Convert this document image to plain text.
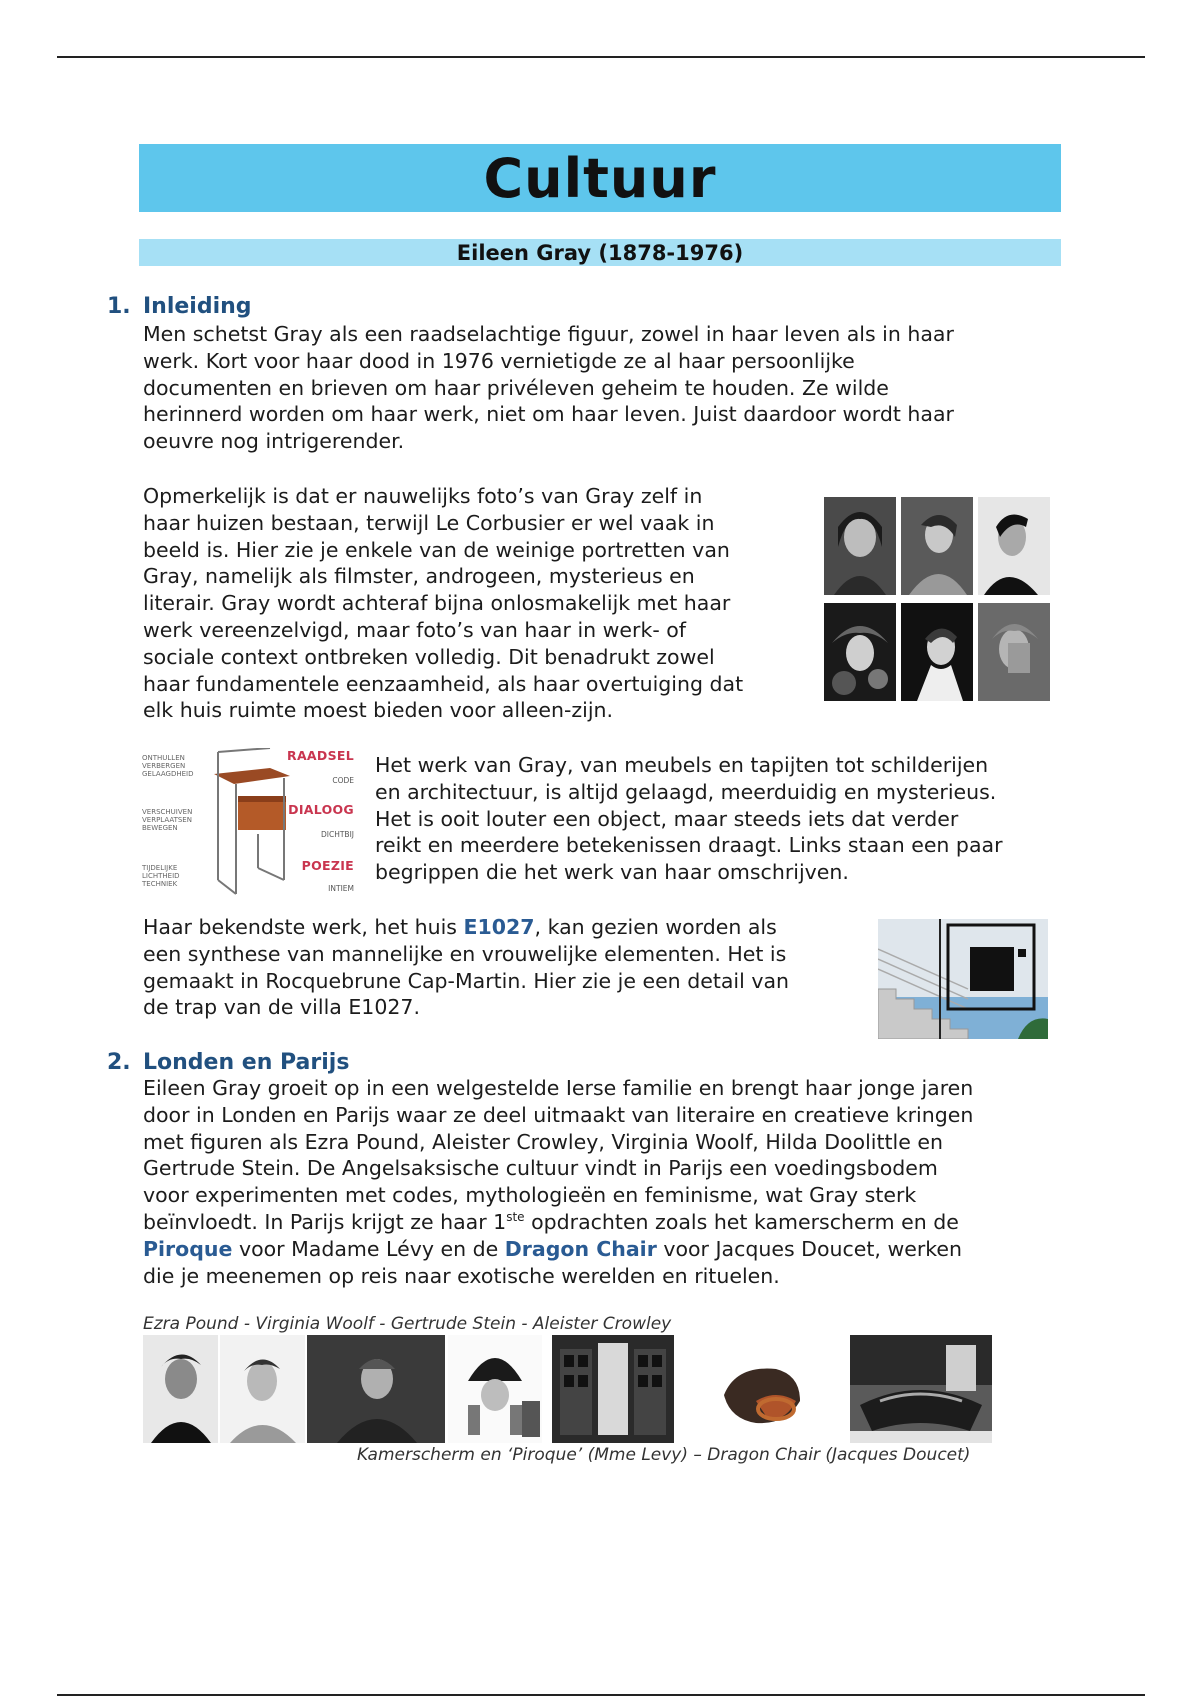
Cultuur
Eileen Gray (1878-1976)
1. Inleiding
Men schetst Gray als een raadselachtige figuur, zowel in haar leven als in haar
werk. Kort voor haar dood in 1976 vernietigde ze al haar persoonlijke
documenten en brieven om haar privéleven geheim te houden. Ze wilde
herinnerd worden om haar werk, niet om haar leven. Juist daardoor wordt haar
oeuvre nog intrigerender.
Opmerkelijk is dat er nauwelijks foto’s van Gray zelf in
haar huizen bestaan, terwijl Le Corbusier er wel vaak in
beeld is. Hier zie je enkele van de weinige portretten van
Gray, namelijk als filmster, androgeen, mysterieus en
literair. Gray wordt achteraf bijna onlosmakelijk met haar
werk vereenzelvigd, maar foto’s van haar in werk- of
sociale context ontbreken volledig. Dit benadrukt zowel
haar fundamentele eenzaamheid, als haar overtuiging dat
elk huis ruimte moest bieden voor alleen-zijn.
ONTHULLEN
VERBERGEN
GELAAGDHEID
VERSCHUIVEN
VERPLAATSEN
BEWEGEN
TIJDELIJKE
LICHTHEID
TECHNIEK
RAADSEL
CODE
DIALOOG
DICHTBIJ
POEZIE
INTIEM
Het werk van Gray, van meubels en tapijten tot schilderijen
en architectuur, is altijd gelaagd, meerduidig en mysterieus.
Het is ooit louter een object, maar steeds iets dat verder
reikt en meerdere betekenissen draagt. Links staan een paar
begrippen die het werk van haar omschrijven.
Haar bekendste werk, het huis E1027, kan gezien worden als
een synthese van mannelijke en vrouwelijke elementen. Het is
gemaakt in Rocquebrune Cap-Martin. Hier zie je een detail van
de trap van de villa E1027.
2. Londen en Parijs
Eileen Gray groeit op in een welgestelde Ierse familie en brengt haar jonge jaren
door in Londen en Parijs waar ze deel uitmaakt van literaire en creatieve kringen
met figuren als Ezra Pound, Aleister Crowley, Virginia Woolf, Hilda Doolittle en
Gertrude Stein. De Angelsaksische cultuur vindt in Parijs een voedingsbodem
voor experimenten met codes, mythologieën en feminisme, wat Gray sterk
beïnvloedt. In Parijs krijgt ze haar 1ste opdrachten zoals het kamerscherm en de
Piroque voor Madame Lévy en de Dragon Chair voor Jacques Doucet, werken
die je meenemen op reis naar exotische werelden en rituelen.
Ezra Pound - Virginia Woolf - Gertrude Stein - Aleister Crowley
Kamerscherm en ‘Piroque’ (Mme Levy) – Dragon Chair (Jacques Doucet)
